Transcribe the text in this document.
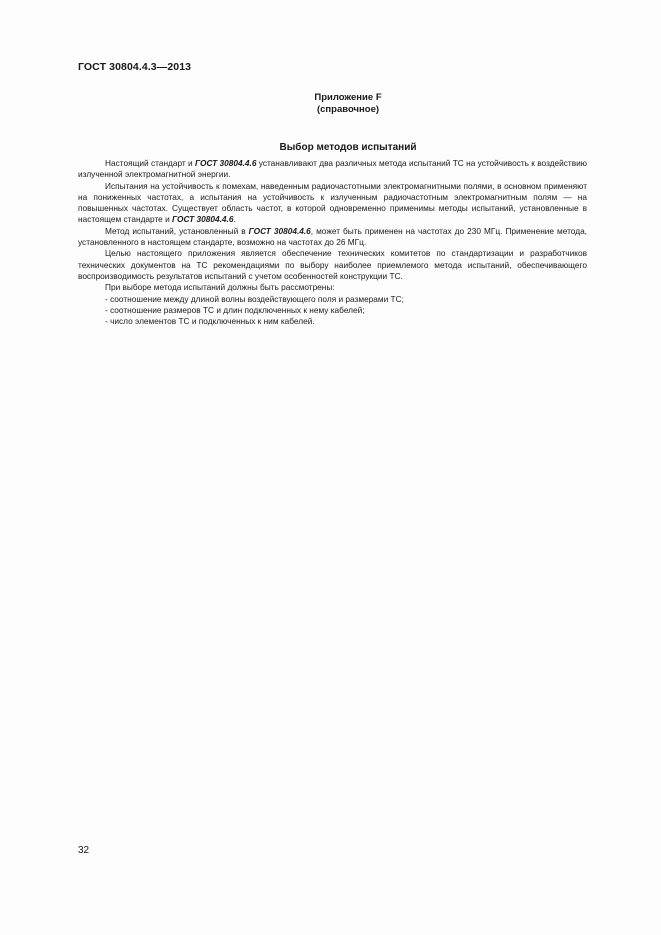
ГОСТ 30804.4.3—2013
Приложение F
(справочное)
Выбор методов испытаний

Настоящий стандарт и ГОСТ 30804.4.6 устанавливают два различных метода испытаний ТС на устойчивость к воздействию излученной электромагнитной энергии.

Испытания на устойчивость к помехам, наведенным радиочастотными электромагнитными полями, в основном применяют на пониженных частотах, а испытания на устойчивость к излученным радиочастотным электромагнитным полям — на повышенных частотах. Существует область частот, в которой одновременно применимы методы испытаний, установленные в настоящем стандарте и ГОСТ 30804.4.6.

Метод испытаний, установленный в ГОСТ 30804.4.6, может быть применен на частотах до 230 МГц. Применение метода, установленного в настоящем стандарте, возможно на частотах до 26 МГц.

Целью настоящего приложения является обеспечение технических комитетов по стандартизации и разработчиков технических документов на ТС рекомендациями по выбору наиболее приемлемого метода испытаний, обеспечивающего воспроизводимость результатов испытаний с учетом особенностей конструкции ТС.

При выборе метода испытаний должны быть рассмотрены:

- соотношение между длиной волны воздействующего поля и размерами ТС;

- соотношение размеров ТС и длин подключенных к нему кабелей;

- число элементов ТС и подключенных к ним кабелей.

32
